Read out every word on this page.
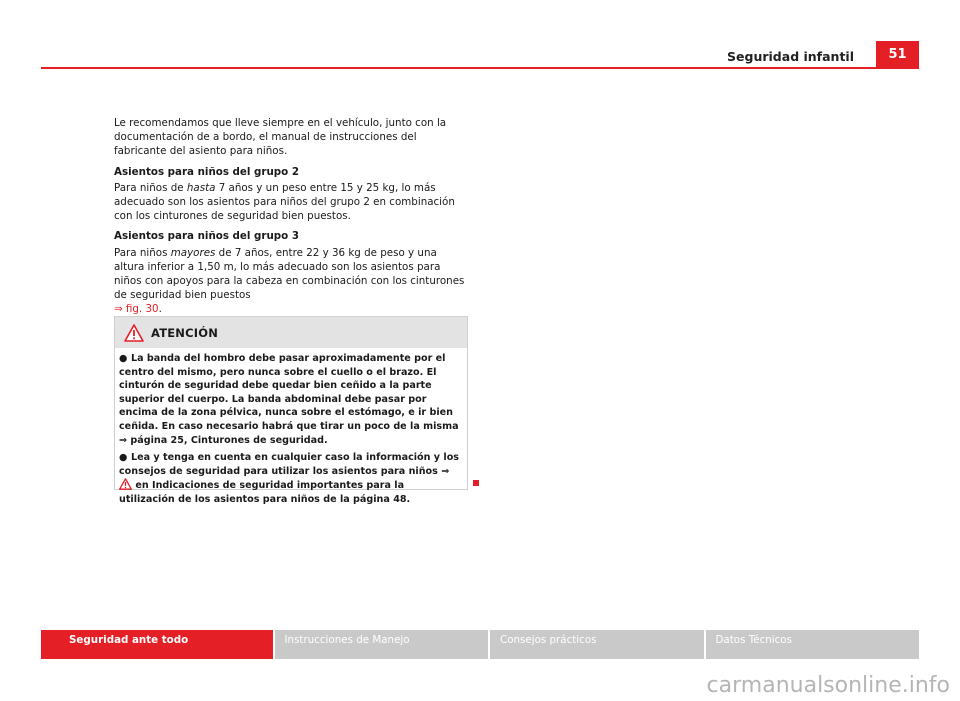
Seguridad infantil	51

Le recomendamos que lleve siempre en el vehículo, junto con la documentación de a bordo, el manual de instrucciones del fabricante del asiento para niños.

Asientos para niños del grupo 2

Para niños de hasta 7 años y un peso entre 15 y 25 kg, lo más adecuado son los asientos para niños del grupo 2 en combinación con los cinturones de seguridad bien puestos.

Asientos para niños del grupo 3

Para niños mayores de 7 años, entre 22 y 36 kg de peso y una altura inferior a 1,50 m, lo más adecuado son los asientos para niños con apoyos para la cabeza en combinación con los cinturones de seguridad bien puestos
⇒ fig. 30.

ATENCIÓN

● La banda del hombro debe pasar aproximadamente por el centro del mismo, pero nunca sobre el cuello o el brazo. El cinturón de seguridad debe quedar bien ceñido a la parte superior del cuerpo. La banda abdominal debe pasar por encima de la zona pélvica, nunca sobre el estómago, e ir bien ceñida. En caso necesario habrá que tirar un poco de la misma ⇒ página 25, Cinturones de seguridad.

● Lea y tenga en cuenta en cualquier caso la información y los consejos de seguridad para utilizar los asientos para niños ⇒  en Indicaciones de seguridad importantes para la utilización de los asientos para niños de la página 48.

Seguridad ante todo	Instrucciones de Manejo	Consejos prácticos	Datos Técnicos
carmanualsonline.info
